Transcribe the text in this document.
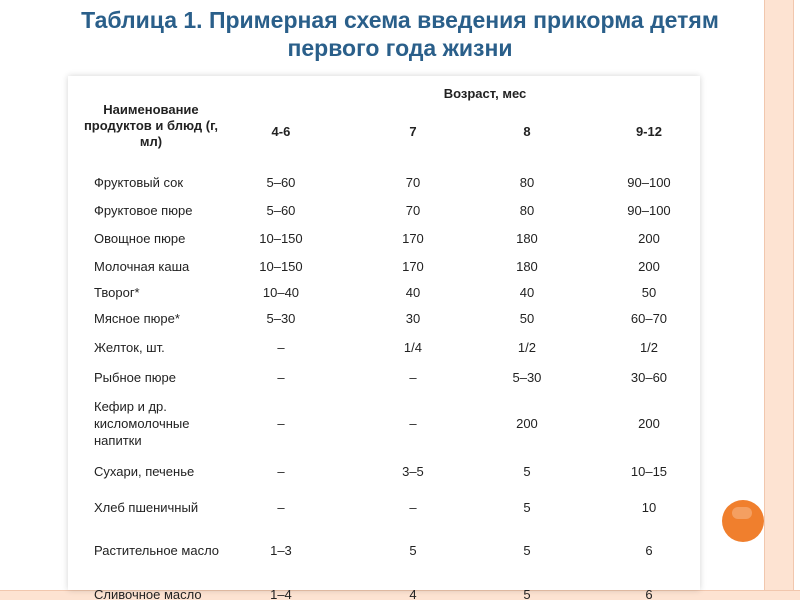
Таблица 1. Примерная схема введения прикорма детям
первого года жизни
Наименование продуктов и блюд (г, мл)	Возраст, мес			
	4-6	7	8	9-12
Фруктовый сок	5–60	70	80	90–100
Фруктовое пюре	5–60	70	80	90–100
Овощное пюре	10–150	170	180	200
Молочная каша	10–150	170	180	200
Творог*	10–40	40	40	50
Мясное пюре*	5–30	30	50	60–70
Желток, шт.	–	1/4	1/2	1/2
Рыбное пюре	–	–	5–30	30–60
Кефир и др. кисломолочные напитки	–	–	200	200
Сухари, печенье	–	3–5	5	10–15
Хлеб пшеничный	–	–	5	10
Растительное масло	1–3	5	5	6
Сливочное масло	1–4	4	5	6
